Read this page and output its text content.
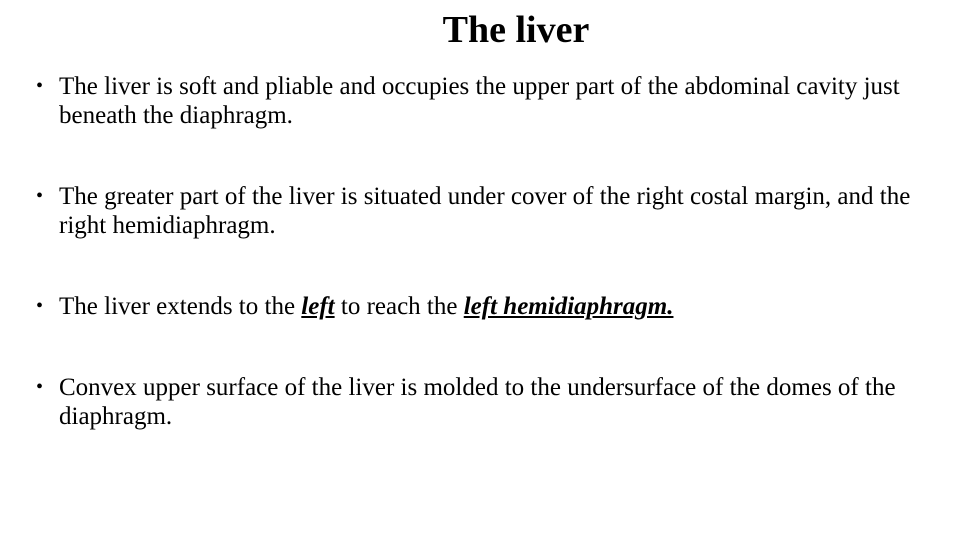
The liver
• The liver is soft and pliable and occupies the upper part of the abdominal cavity just beneath the diaphragm.
• The greater part of the liver is situated under cover of the right costal margin, and the right hemidiaphragm.
• The liver extends to the left to reach the left hemidiaphragm.
• Convex upper surface of the liver is molded to the undersurface of the domes of the diaphragm.
